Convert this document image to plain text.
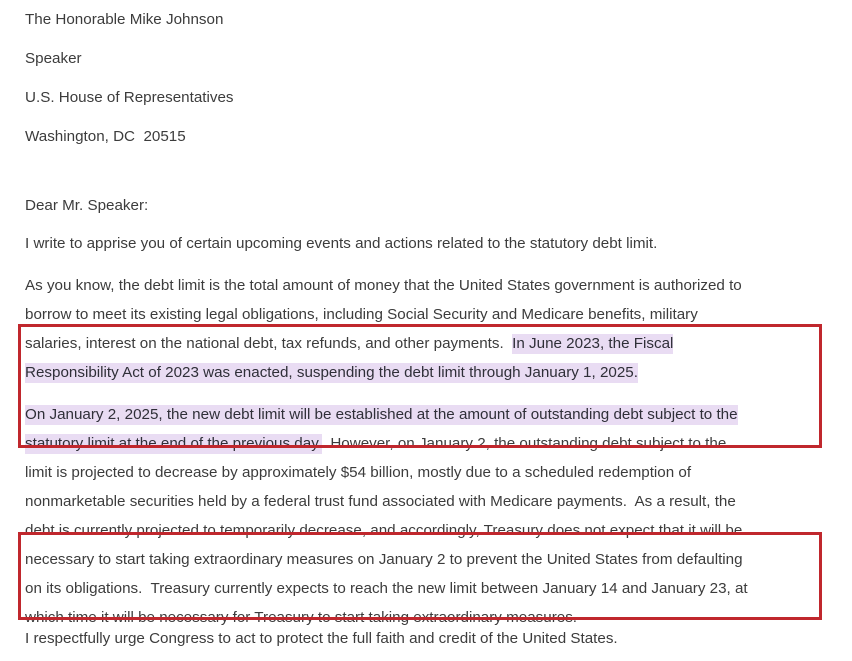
The Honorable Mike Johnson
Speaker
U.S. House of Representatives
Washington, DC  20515
Dear Mr. Speaker:
I write to apprise you of certain upcoming events and actions related to the statutory debt limit.
As you know, the debt limit is the total amount of money that the United States government is authorized to
borrow to meet its existing legal obligations, including Social Security and Medicare benefits, military
salaries, interest on the national debt, tax refunds, and other payments.  In June 2023, the Fiscal
Responsibility Act of 2023 was enacted, suspending the debt limit through January 1, 2025.
On January 2, 2025, the new debt limit will be established at the amount of outstanding debt subject to the
statutory limit at the end of the previous day.  However, on January 2, the outstanding debt subject to the
limit is projected to decrease by approximately $54 billion, mostly due to a scheduled redemption of
nonmarketable securities held by a federal trust fund associated with Medicare payments.  As a result, the
debt is currently projected to temporarily decrease, and accordingly, Treasury does not expect that it will be
necessary to start taking extraordinary measures on January 2 to prevent the United States from defaulting
on its obligations.  Treasury currently expects to reach the new limit between January 14 and January 23, at
which time it will be necessary for Treasury to start taking extraordinary measures.
I respectfully urge Congress to act to protect the full faith and credit of the United States.
